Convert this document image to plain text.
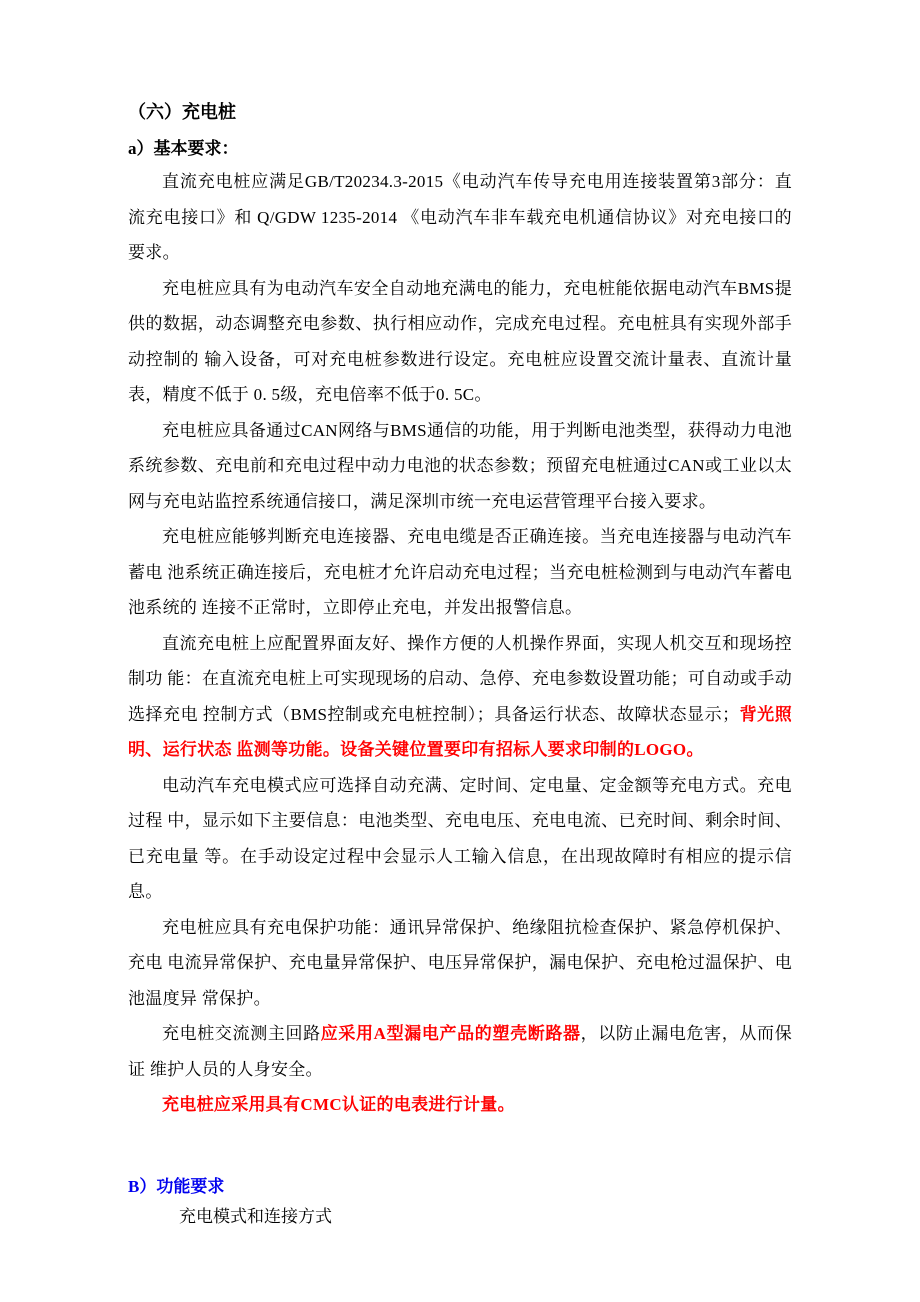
（六）充电桩
a）基本要求：
直流充电桩应满足GB/T20234.3-2015《电动汽车传导充电用连接装置第3部分：直 流充电接口》和 Q/GDW 1235-2014 《电动汽车非车载充电机通信协议》对充电接口的要求。
充电桩应具有为电动汽车安全自动地充满电的能力，充电桩能依据电动汽车BMS提供的数据，动态调整充电参数、执行相应动作，完成充电过程。充电桩具有实现外部手动控制的 输入设备，可对充电桩参数进行设定。充电桩应设置交流计量表、直流计量表，精度不低于 0. 5级，充电倍率不低于0. 5C。
充电桩应具备通过CAN网络与BMS通信的功能，用于判断电池类型，获得动力电池系统参数、充电前和充电过程中动力电池的状态参数；预留充电桩通过CAN或工业以太网与充电站监控系统通信接口，满足深圳市统一充电运营管理平台接入要求。
充电桩应能够判断充电连接器、充电电缆是否正确连接。当充电连接器与电动汽车蓄电 池系统正确连接后，充电桩才允许启动充电过程；当充电桩检测到与电动汽车蓄电池系统的 连接不正常时，立即停止充电，并发出报警信息。
直流充电桩上应配置界面友好、操作方便的人机操作界面，实现人机交互和现场控制功 能：在直流充电桩上可实现现场的启动、急停、充电参数设置功能；可自动或手动选择充电 控制方式（BMS控制或充电桩控制）；具备运行状态、故障状态显示；背光照明、运行状态 监测等功能。设备关键位置要印有招标人要求印制的LOGO。
电动汽车充电模式应可选择自动充满、定时间、定电量、定金额等充电方式。充电过程 中，显示如下主要信息：电池类型、充电电压、充电电流、已充时间、剩余时间、已充电量 等。在手动设定过程中会显示人工输入信息，在出现故障时有相应的提示信息。
充电桩应具有充电保护功能：通讯异常保护、绝缘阻抗检查保护、紧急停机保护、充电 电流异常保护、充电量异常保护、电压异常保护，漏电保护、充电枪过温保护、电池温度异 常保护。
充电桩交流测主回路应采用A型漏电产品的塑壳断路器，以防止漏电危害，从而保证 维护人员的人身安全。
充电桩应采用具有CMC认证的电表进行计量。
B）功能要求
充电模式和连接方式
